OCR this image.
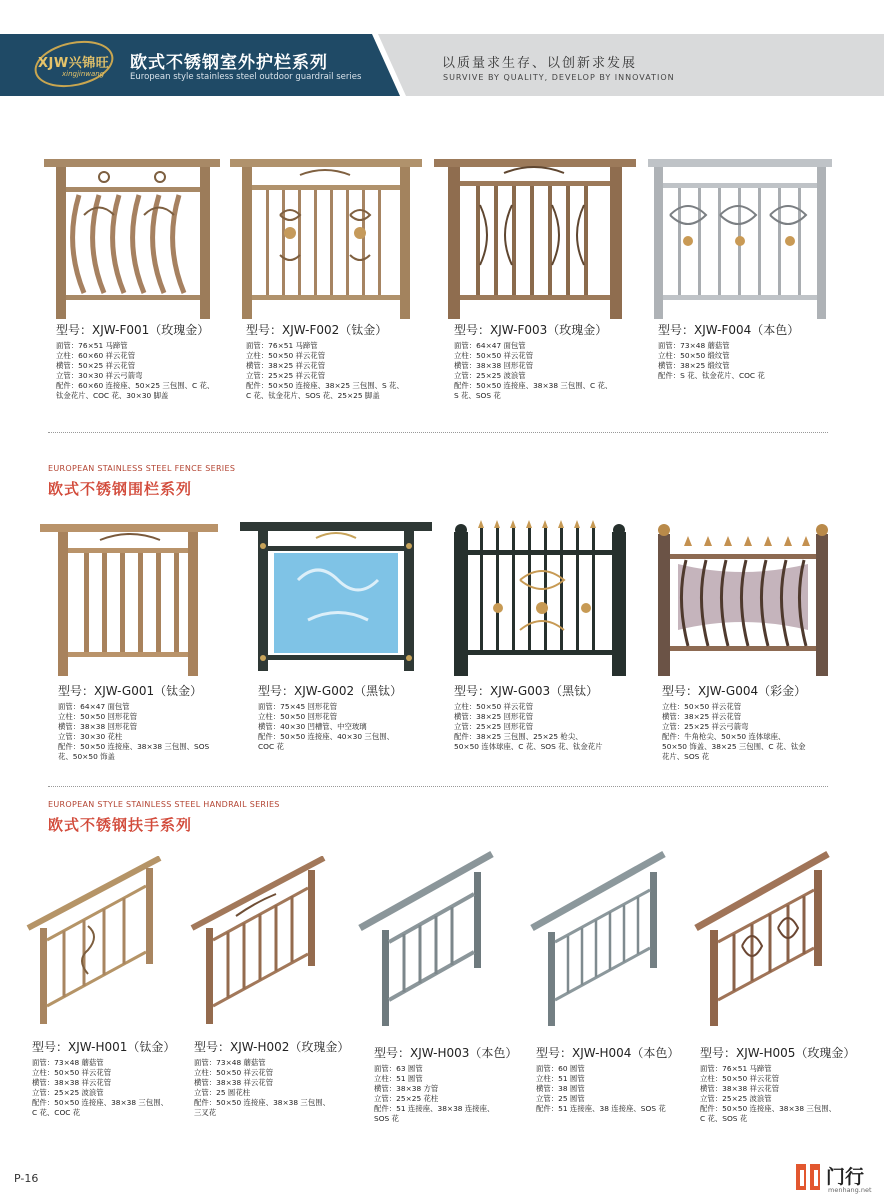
XJW兴锦旺
xingjinwang
欧式不锈钢室外护栏系列
European style stainless steel outdoor guardrail series
以质量求生存、以创新求发展
SURVIVE BY QUALITY, DEVELOP BY INNOVATION
型号：XJW-F001（玫瑰金）
面管：76×51 马蹄管
立柱：60×60 祥云花管
横管：50×25 祥云花管
立管：30×30 祥云弓箭弯
配件：60×60 连接座、50×25 三包围、C 花、
钛金花片、COC 花、30×30 脚盖
型号：XJW-F002（钛金）
面管：76×51 马蹄管
立柱：50×50 祥云花管
横管：38×25 祥云花管
立管：25×25 祥云花管
配件：50×50 连接座、38×25 三包围、S 花、
C 花、钛金花片、SOS 花、25×25 脚盖
型号：XJW-F003（玫瑰金）
面管：64×47 面包管
立柱：50×50 祥云花管
横管：38×38 回形花管
立管：25×25 波浪管
配件：50×50 连接座、38×38 三包围、C 花、
S 花、SOS 花
型号：XJW-F004（本色）
面管：73×48 蘑菇管
立柱：50×50 缎纹管
横管：38×25 缎纹管
配件：S 花、钛金花片、COC 花
EUROPEAN STAINLESS STEEL FENCE SERIES
欧式不锈钢围栏系列
型号：XJW-G001（钛金）
面管：64×47 面包管
立柱：50×50 回形花管
横管：38×38 回形花管
立管：30×30 花柱
配件：50×50 连接座、38×38 三包围、SOS
花、50×50 饰盖
型号：XJW-G002（黑钛）
面管：75×45 回形花管
立柱：50×50 回形花管
横管：40×30 凹槽管、中空玻璃
配件：50×50 连接座、40×30 三包围、
COC 花
型号：XJW-G003（黑钛）
立柱：50×50 祥云花管
横管：38×25 回形花管
立管：25×25 回形花管
配件：38×25 三包围、25×25 枪尖、
50×50 连体球座、C 花、SOS 花、钛金花片
型号：XJW-G004（彩金）
立柱：50×50 祥云花管
横管：38×25 祥云花管
立管：25×25 祥云弓箭弯
配件：牛角枪尖、50×50 连体球座、
50×50 饰盖、38×25 三包围、C 花、钛金
花片、SOS 花
EUROPEAN STYLE STAINLESS STEEL HANDRAIL SERIES
欧式不锈钢扶手系列
型号：XJW-H001（钛金）
面管：73×48 蘑菇管
立柱：50×50 祥云花管
横管：38×38 祥云花管
立管：25×25 波浪管
配件：50×50 连接座、38×38 三包围、
C 花、COC 花
型号：XJW-H002（玫瑰金）
面管：73×48 蘑菇管
立柱：50×50 祥云花管
横管：38×38 祥云花管
立管：25 圆花柱
配件：50×50 连接座、38×38 三包围、
三叉花
型号：XJW-H003（本色）
面管：63 圆管
立柱：51 圆管
横管：38×38 方管
立管：25×25 花柱
配件：51 连接座、38×38 连接座、
SOS 花
型号：XJW-H004（本色）
面管：60 圆管
立柱：51 圆管
横管：38 圆管
立管：25 圆管
配件：51 连接座、38 连接座、SOS 花
型号：XJW-H005（玫瑰金）
面管：76×51 马蹄管
立柱：50×50 祥云花管
横管：38×38 祥云花管
立管：25×25 波浪管
配件：50×50 连接座、38×38 三包围、
C 花、SOS 花
P-16	门行
menhang.net
